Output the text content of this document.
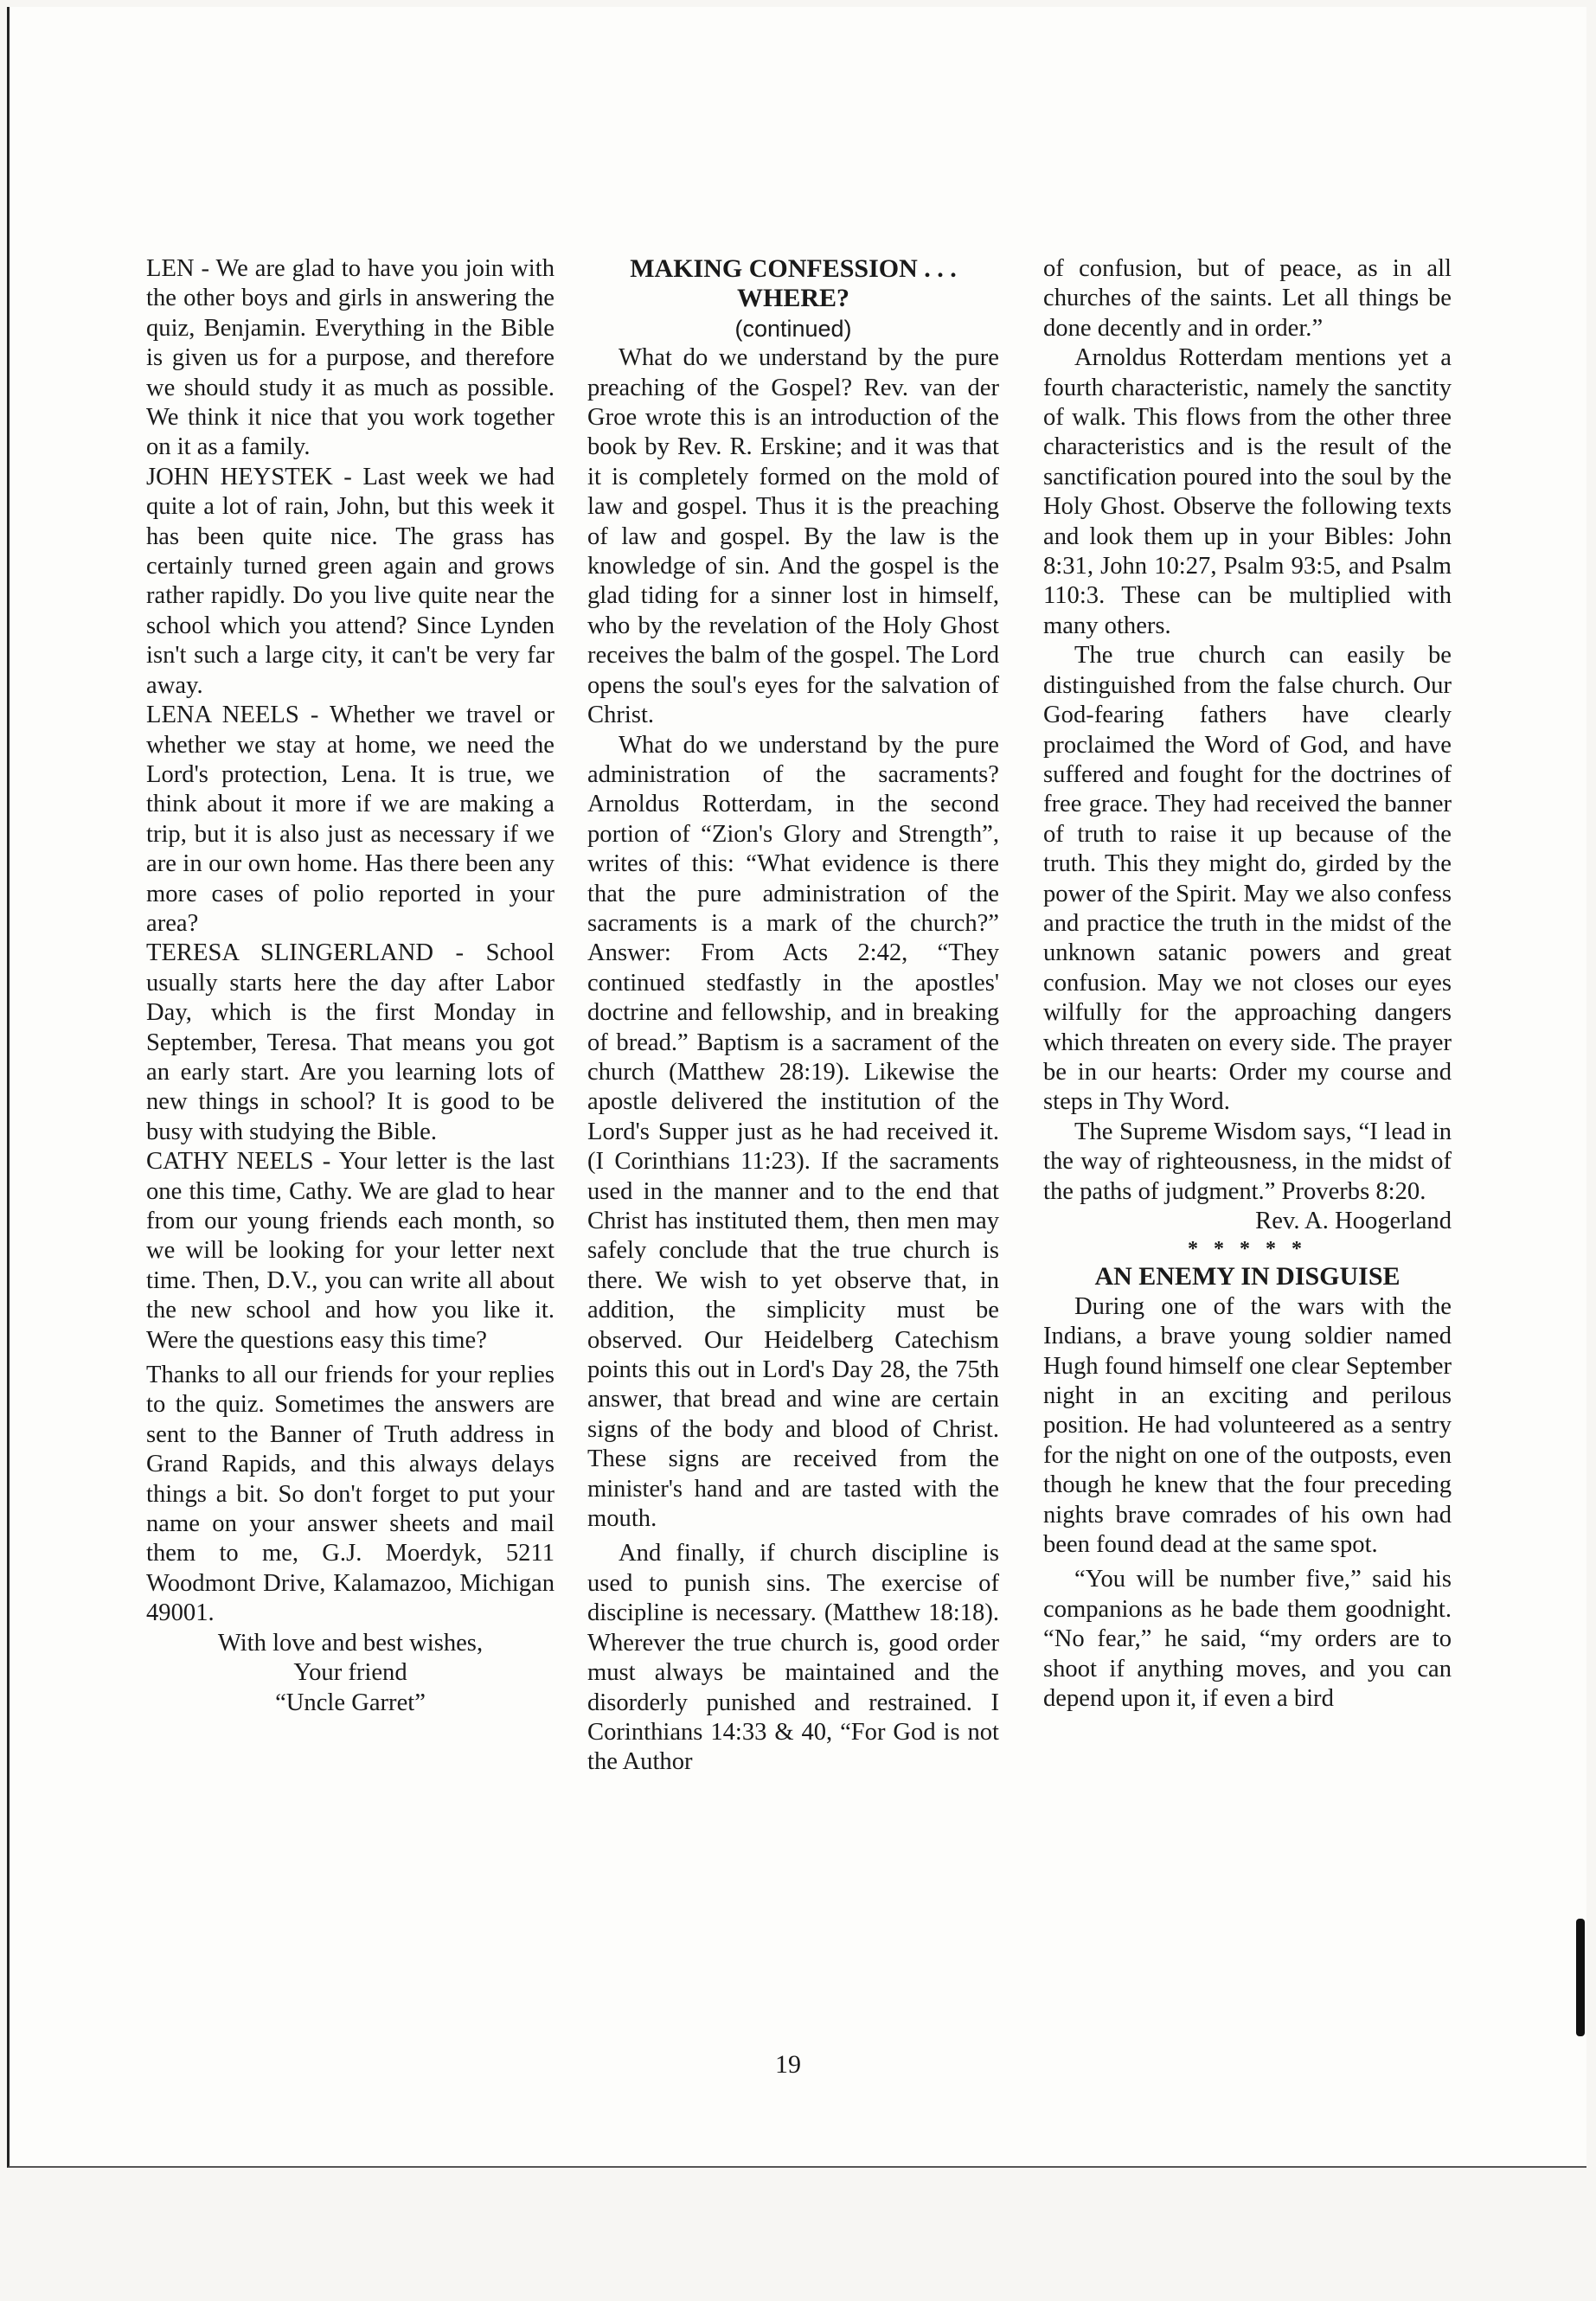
LEN - We are glad to have you join with the other boys and girls in answering the quiz, Benjamin. Everything in the Bible is given us for a purpose, and therefore we should study it as much as possible. We think it nice that you work together on it as a family.

JOHN HEYSTEK - Last week we had quite a lot of rain, John, but this week it has been quite nice. The grass has certainly turned green again and grows rather rapidly. Do you live quite near the school which you attend? Since Lynden isn't such a large city, it can't be very far away.

LENA NEELS - Whether we travel or whether we stay at home, we need the Lord's protection, Lena. It is true, we think about it more if we are making a trip, but it is also just as necessary if we are in our own home. Has there been any more cases of polio reported in your area?

TERESA SLINGERLAND - School usually starts here the day after Labor Day, which is the first Monday in September, Teresa. That means you got an early start. Are you learning lots of new things in school? It is good to be busy with studying the Bible.

CATHY NEELS - Your letter is the last one this time, Cathy. We are glad to hear from our young friends each month, so we will be looking for your letter next time. Then, D.V., you can write all about the new school and how you like it. Were the questions easy this time?

Thanks to all our friends for your replies to the quiz. Sometimes the answers are sent to the Banner of Truth address in Grand Rapids, and this always delays things a bit. So don't forget to put your name on your answer sheets and mail them to me, G.J. Moerdyk, 5211 Woodmont Drive, Kalamazoo, Michigan 49001.

With love and best wishes,

Your friend

“Uncle Garret”

MAKING CONFESSION . . .

WHERE?

(continued)

What do we understand by the pure preaching of the Gospel? Rev. van der Groe wrote this is an introduction of the book by Rev. R. Erskine; and it was that it is completely formed on the mold of law and gospel. Thus it is the preaching of law and gospel. By the law is the knowledge of sin. And the gospel is the glad tiding for a sinner lost in himself, who by the revelation of the Holy Ghost receives the balm of the gospel. The Lord opens the soul's eyes for the salvation of Christ.

What do we understand by the pure administration of the sacraments? Arnoldus Rotterdam, in the second portion of “Zion's Glory and Strength”, writes of this: “What evidence is there that the pure administration of the sacraments is a mark of the church?” Answer: From Acts 2:42, “They continued stedfastly in the apostles' doctrine and fellowship, and in breaking of bread.” Baptism is a sacrament of the church (Matthew 28:19). Likewise the apostle delivered the institution of the Lord's Supper just as he had received it. (I Corinthians 11:23). If the sacraments used in the manner and to the end that Christ has instituted them, then men may safely conclude that the true church is there. We wish to yet observe that, in addition, the simplicity must be observed. Our Heidelberg Catechism points this out in Lord's Day 28, the 75th answer, that bread and wine are certain signs of the body and blood of Christ. These signs are received from the minister's hand and are tasted with the mouth.

And finally, if church discipline is used to punish sins. The exercise of discipline is necessary. (Matthew 18:18). Wherever the true church is, good order must always be maintained and the disorderly punished and restrained. I Corinthians 14:33 & 40, “For God is not the Author

of confusion, but of peace, as in all churches of the saints. Let all things be done decently and in order.”

Arnoldus Rotterdam mentions yet a fourth characteristic, namely the sanctity of walk. This flows from the other three characteristics and is the result of the sanctification poured into the soul by the Holy Ghost. Observe the following texts and look them up in your Bibles: John 8:31, John 10:27, Psalm 93:5, and Psalm 110:3. These can be multiplied with many others.

The true church can easily be distinguished from the false church. Our God-fearing fathers have clearly proclaimed the Word of God, and have suffered and fought for the doctrines of free grace. They had received the banner of truth to raise it up because of the truth. This they might do, girded by the power of the Spirit. May we also confess and practice the truth in the midst of the unknown satanic powers and great confusion. May we not closes our eyes wilfully for the approaching dangers which threaten on every side. The prayer be in our hearts: Order my course and steps in Thy Word.

The Supreme Wisdom says, “I lead in the way of righteousness, in the midst of the paths of judgment.” Proverbs 8:20.

Rev. A. Hoogerland

* * * * *

AN ENEMY IN DISGUISE

During one of the wars with the Indians, a brave young soldier named Hugh found himself one clear September night in an exciting and perilous position. He had volunteered as a sentry for the night on one of the outposts, even though he knew that the four preceding nights brave comrades of his own had been found dead at the same spot.

“You will be number five,” said his companions as he bade them goodnight. “No fear,” he said, “my orders are to shoot if anything moves, and you can depend upon it, if even a bird

19
